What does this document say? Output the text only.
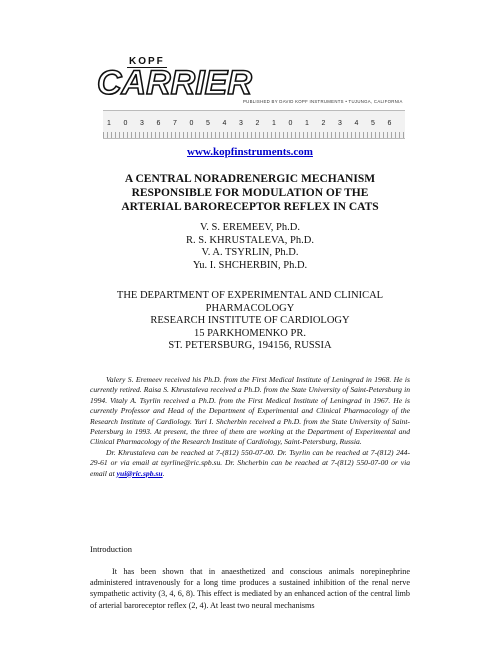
KOPF
CARRIER
PUBLISHED BY DAVID KOPF INSTRUMENTS • TUJUNGA, CALIFORNIA
1 0 3 6 7 0 5 4 3 2 1 0 1 2 3 4 5 6
www.kopfinstruments.com
A CENTRAL NORADRENERGIC MECHANISM
RESPONSIBLE FOR MODULATION OF THE
ARTERIAL BARORECEPTOR REFLEX IN CATS
V. S. EREMEEV, Ph.D.
R. S. KHRUSTALEVA, Ph.D.
V. A. TSYRLIN, Ph.D.
Yu. I. SHCHERBIN, Ph.D.
THE DEPARTMENT OF EXPERIMENTAL AND CLINICAL
PHARMACOLOGY
RESEARCH INSTITUTE OF CARDIOLOGY
15 PARKHOMENKO PR.
ST. PETERSBURG, 194156, RUSSIA

Valery S. Eremeev received his Ph.D. from the First Medical Institute of Leningrad in 1968. He is currently retired. Raisa S. Khrustaleva received a Ph.D. from the State University of Saint-Petersburg in 1994. Vitaly A. Tsyrlin received a Ph.D. from the First Medical Institute of Leningrad in 1967. He is currently Professor and Head of the Department of Experimental and Clinical Pharmacology of the Research Institute of Cardiology. Yuri I. Shcherbin received a Ph.D. from the State University of Saint-Petersburg in 1993. At present, the three of them are working at the Department of Experimental and Clinical Pharmacology of the Research Institute of Cardiology, Saint-Petersburg, Russia.

Dr. Khrustaleva can be reached at 7-(812) 550-07-00. Dr. Tsyrlin can be reached at 7-(812) 244-29-61 or via email at tsyrline@ric.spb.su. Dr. Shcherbin can be reached at 7-(812) 550-07-00 or via email at yui@ric.spb.su.

Introduction

It has been shown that in anaesthetized and conscious animals norepinephrine administered intravenously for a long time produces a sustained inhibition of the renal nerve sympathetic activity (3, 4, 6, 8). This effect is mediated by an enhanced action of the central limb of arterial baroreceptor reflex (2, 4). At least two neural mechanisms
